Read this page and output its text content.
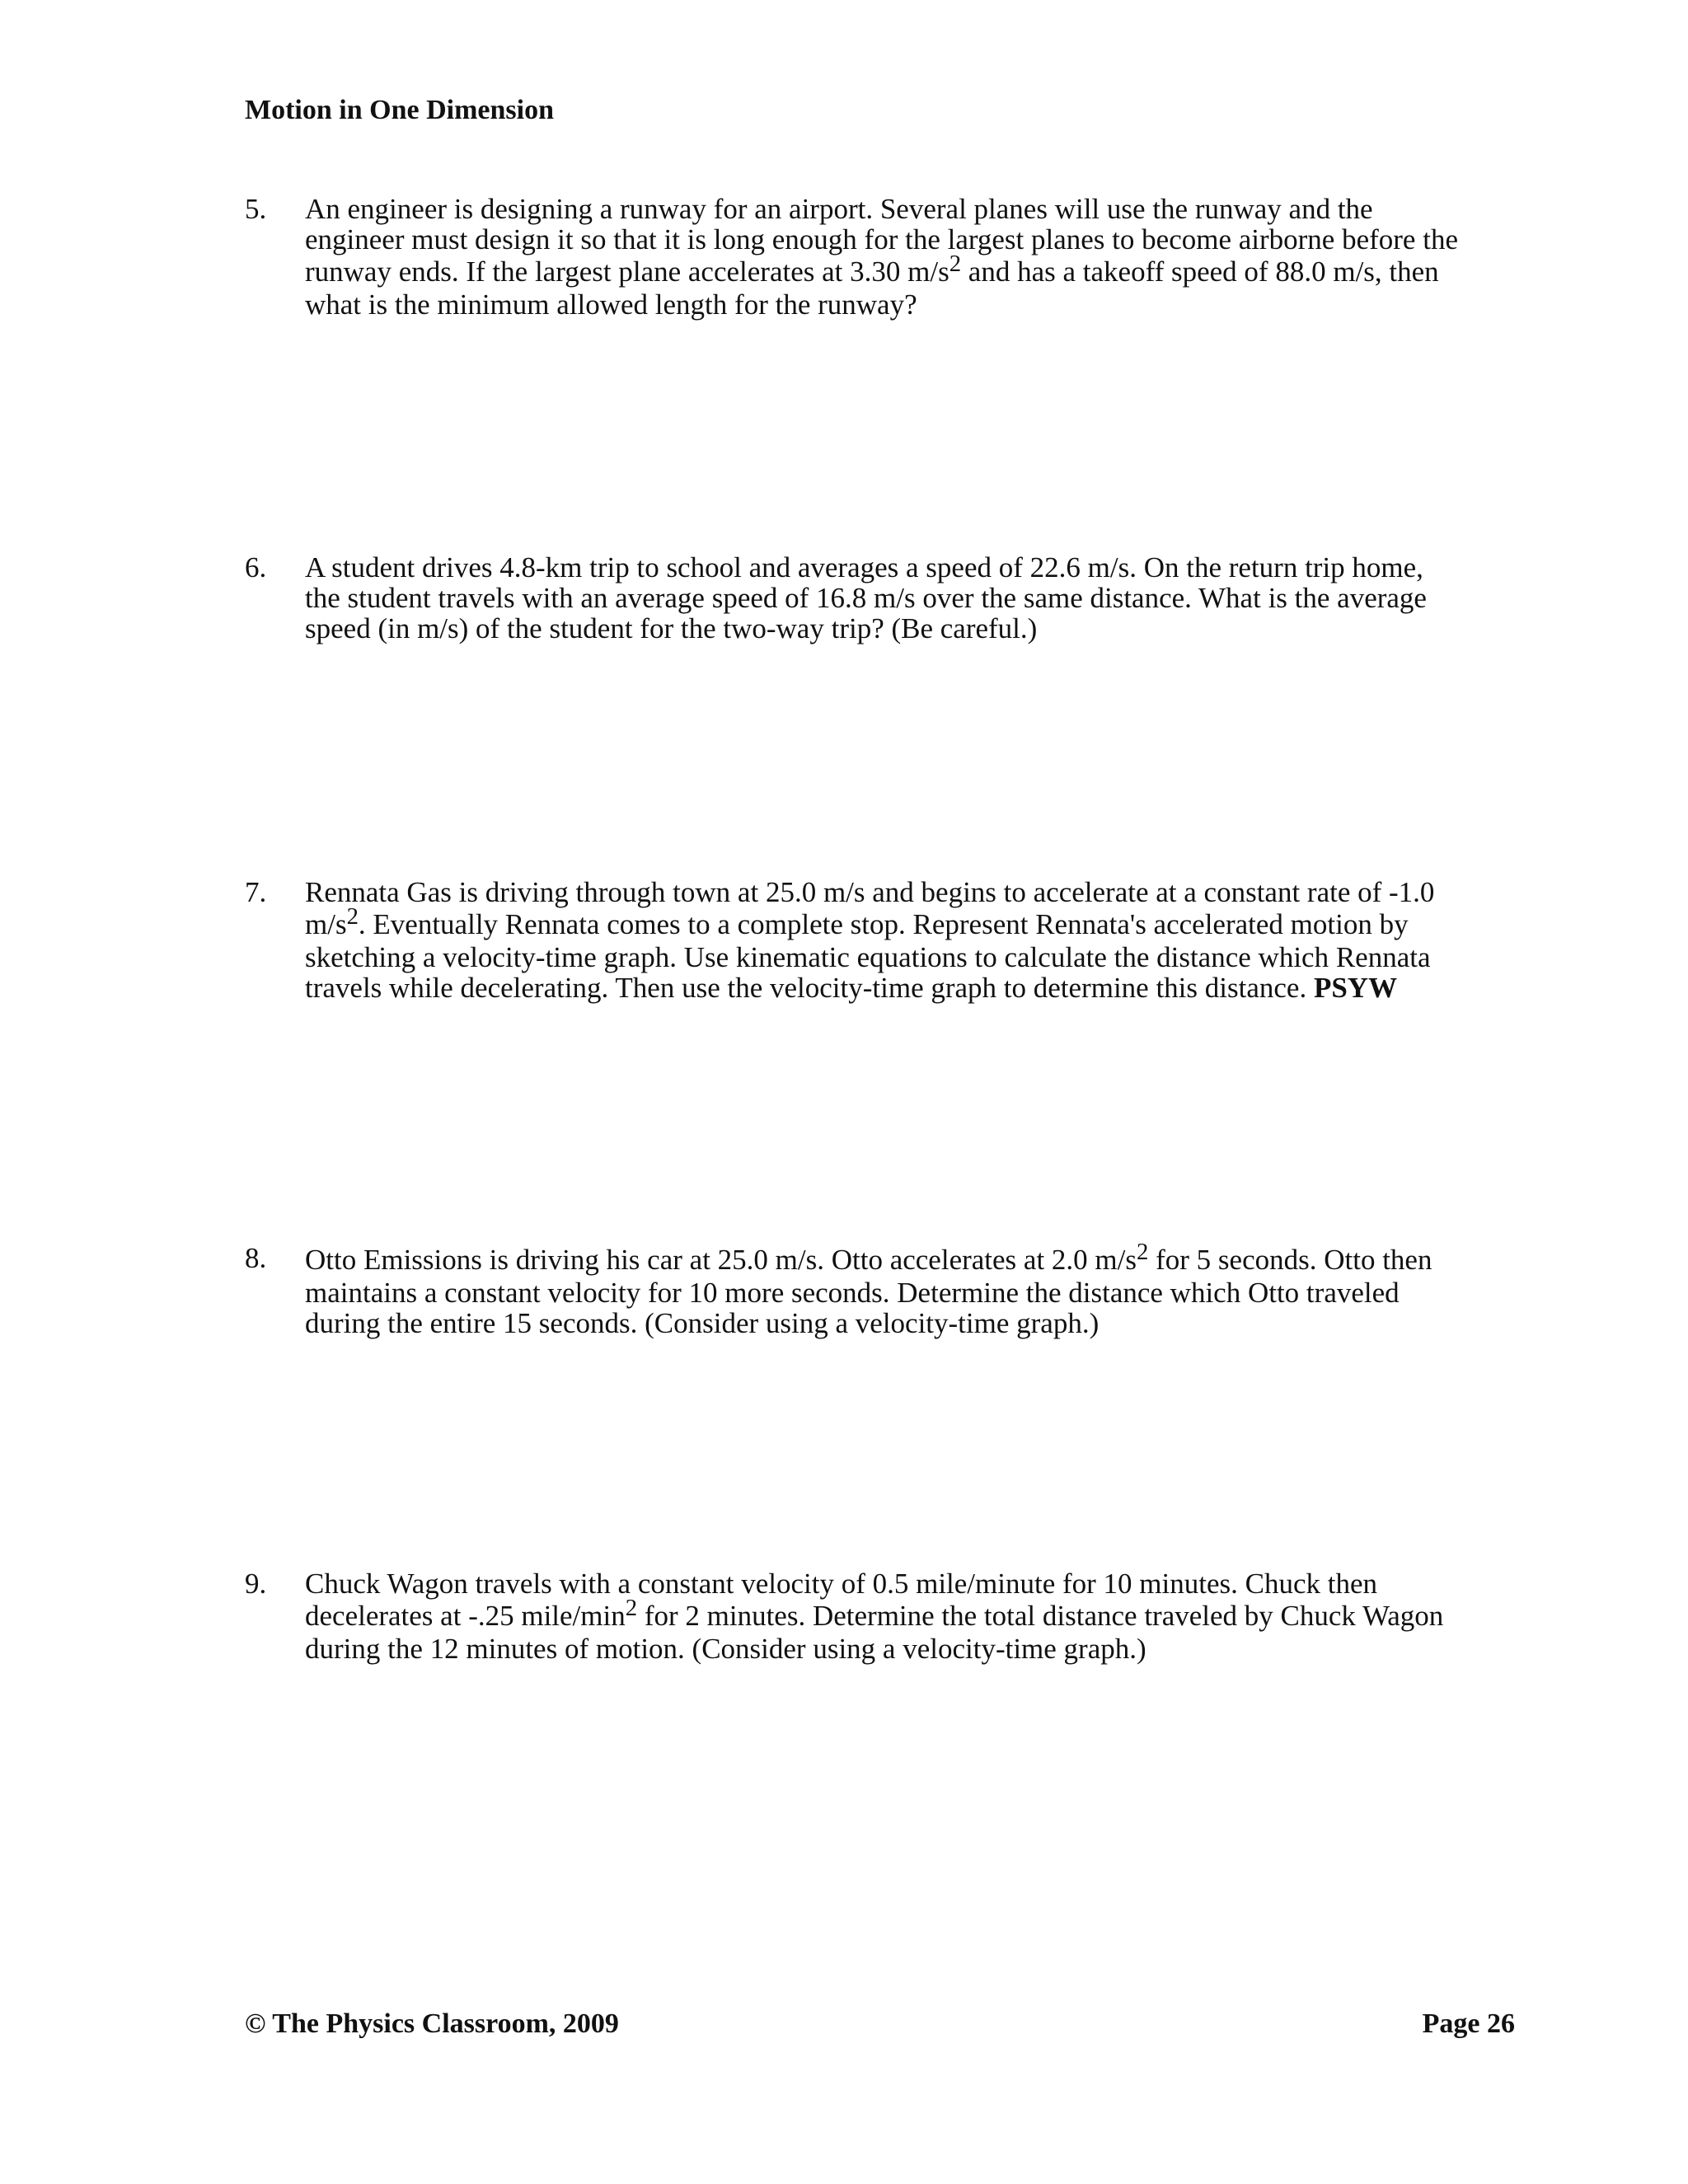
Motion in One Dimension
5.	An engineer is designing a runway for an airport. Several planes will use the runway and the
engineer must design it so that it is long enough for the largest planes to become airborne before the
runway ends. If the largest plane accelerates at 3.30 $m/s^2$ and has a takeoff speed of 88.0 m/s, then
what is the minimum allowed length for the runway?
6.	A student drives 4.8-km trip to school and averages a speed of 22.6 m/s. On the return trip home,
the student travels with an average speed of 16.8 m/s over the same distance. What is the average
speed (in m/s) of the student for the two-way trip? (Be careful.)
7.	Rennata Gas is driving through town at 25.0 m/s and begins to accelerate at a constant rate of -1.0
$m/s^2$. Eventually Rennata comes to a complete stop. Represent Rennata's accelerated motion by
sketching a velocity-time graph. Use kinematic equations to calculate the distance which Rennata
travels while decelerating. Then use the velocity-time graph to determine this distance. PSYW
8.	Otto Emissions is driving his car at 25.0 m/s. Otto accelerates at 2.0 $m/s^2$ for 5 seconds. Otto then
maintains a constant velocity for 10 more seconds. Determine the distance which Otto traveled
during the entire 15 seconds. (Consider using a velocity-time graph.)
9.	Chuck Wagon travels with a constant velocity of 0.5 mile/minute for 10 minutes. Chuck then
decelerates at -.25 mile/$\min^2$ for 2 minutes. Determine the total distance traveled by Chuck Wagon
during the 12 minutes of motion. (Consider using a velocity-time graph.)
© The Physics Classroom, 2009	Page 26
